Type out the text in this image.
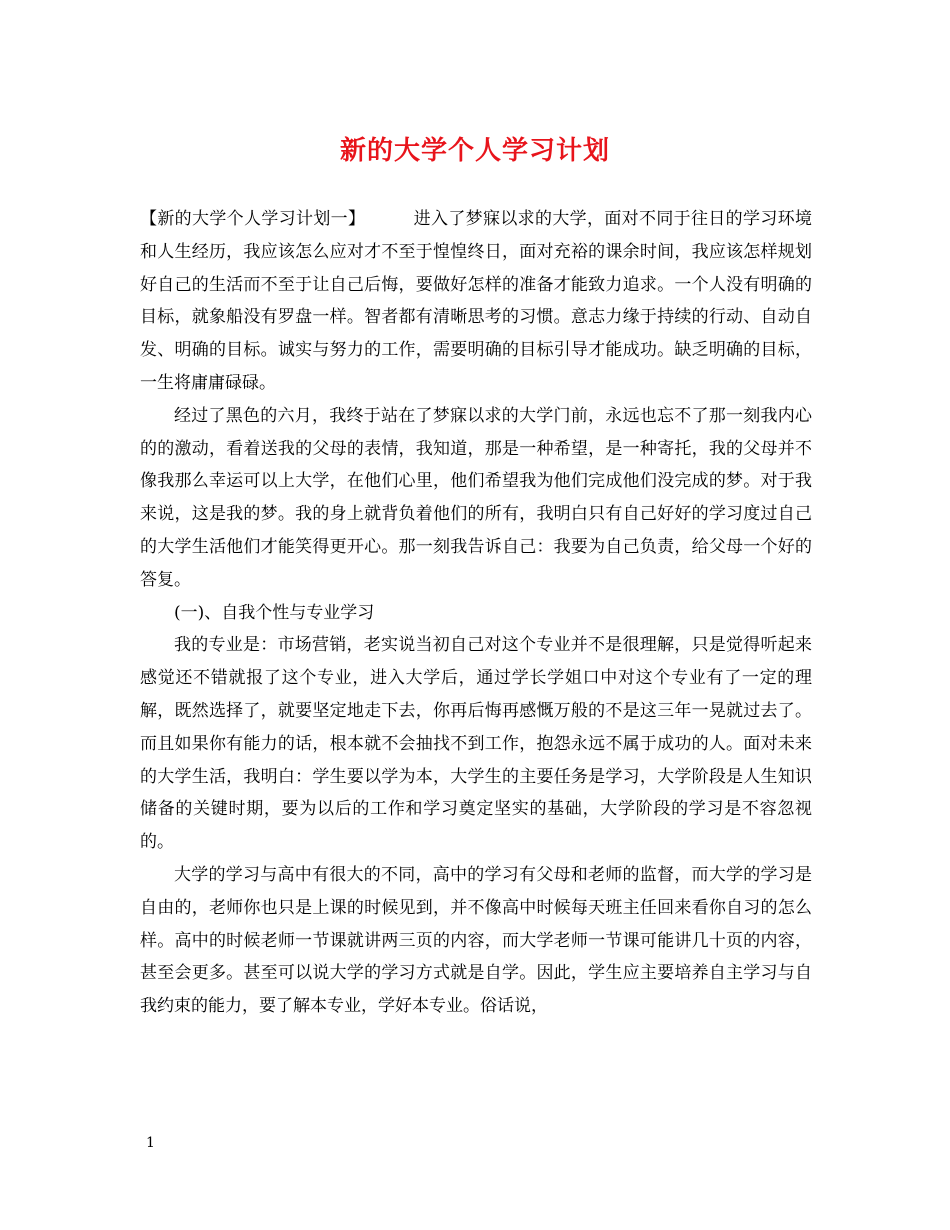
新的大学个人学习计划

【新的大学个人学习计划一】	进入了梦寐以求的大学，面对不同于往日的学习环境和人生经历，我应该怎么应对才不至于惶惶终日，面对充裕的课余时间，我应该怎样规划好自己的生活而不至于让自己后悔，要做好怎样的准备才能致力追求。一个人没有明确的目标，就象船没有罗盘一样。智者都有清晰思考的习惯。意志力缘于持续的行动、自动自发、明确的目标。诚实与努力的工作，需要明确的目标引导才能成功。缺乏明确的目标，一生将庸庸碌碌。

经过了黑色的六月，我终于站在了梦寐以求的大学门前，永远也忘不了那一刻我内心的的激动，看着送我的父母的表情，我知道，那是一种希望，是一种寄托，我的父母并不像我那么幸运可以上大学，在他们心里，他们希望我为他们完成他们没完成的梦。对于我来说，这是我的梦。我的身上就背负着他们的所有，我明白只有自己好好的学习度过自己的大学生活他们才能笑得更开心。那一刻我告诉自己：我要为自己负责，给父母一个好的答复。

(一)、自我个性与专业学习

我的专业是：市场营销，老实说当初自己对这个专业并不是很理解，只是觉得听起来感觉还不错就报了这个专业，进入大学后，通过学长学姐口中对这个专业有了一定的理解，既然选择了，就要坚定地走下去，你再后悔再感慨万般的不是这三年一晃就过去了。而且如果你有能力的话，根本就不会抽找不到工作，抱怨永远不属于成功的人。面对未来的大学生活，我明白：学生要以学为本，大学生的主要任务是学习，大学阶段是人生知识储备的关键时期，要为以后的工作和学习奠定坚实的基础，大学阶段的学习是不容忽视的。

大学的学习与高中有很大的不同，高中的学习有父母和老师的监督，而大学的学习是自由的，老师你也只是上课的时候见到，并不像高中时候每天班主任回来看你自习的怎么样。高中的时候老师一节课就讲两三页的内容，而大学老师一节课可能讲几十页的内容，甚至会更多。甚至可以说大学的学习方式就是自学。因此，学生应主要培养自主学习与自我约束的能力，要了解本专业，学好本专业。俗话说，

1
